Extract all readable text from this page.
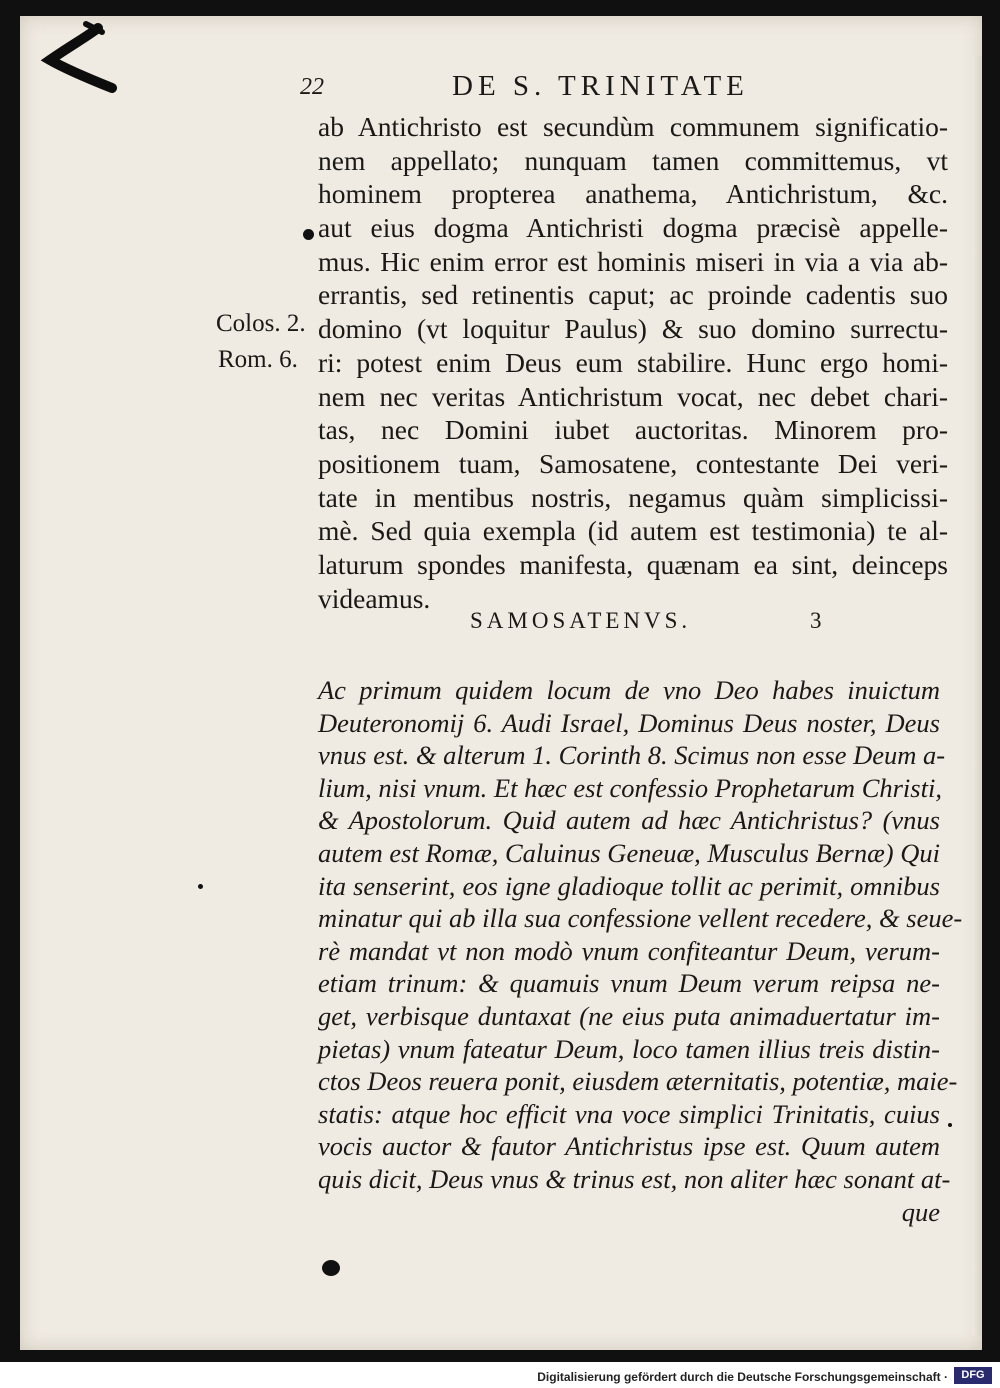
22	DE S. TRINITATE
ab Antichristo est secundùm communem significatio-
nem appellato; nunquam tamen committemus, vt
hominem propterea anathema, Antichristum, &c.
aut eius dogma Antichristi dogma præcisè appelle-
mus. Hic enim error est hominis miseri in via a via ab-
errantis, sed retinentis caput; ac proinde cadentis suo
domino (vt loquitur Paulus) & suo domino surrectu-
ri: potest enim Deus eum stabilire. Hunc ergo homi-
nem nec veritas Antichristum vocat, nec debet chari-
tas, nec Domini iubet auctoritas. Minorem pro-
positionem tuam, Samosatene, contestante Dei veri-
tate in mentibus nostris, negamus quàm simplicissi-
mè. Sed quia exempla (id autem est testimonia) te al-
laturum spondes manifesta, quænam ea sint, deinceps
videamus.
Colos. 2.
Rom. 6.
SAMOSATENVS.	3
Ac primum quidem locum de vno Deo habes inuictum
Deuteronomij 6. Audi Israel, Dominus Deus noster, Deus
vnus est. & alterum 1. Corinth 8. Scimus non esse Deum a-
lium, nisi vnum. Et hæc est confessio Prophetarum Christi,
& Apostolorum. Quid autem ad hæc Antichristus? (vnus
autem est Romæ, Caluinus Geneuæ, Musculus Bernæ) Qui
ita senserint, eos igne gladioque tollit ac perimit, omnibus
minatur qui ab illa sua confessione vellent recedere, & seue-
rè mandat vt non modò vnum confiteantur Deum, verum-
etiam trinum: & quamuis vnum Deum verum reipsa ne-
get, verbisque duntaxat (ne eius puta animaduertatur im-
pietas) vnum fateatur Deum, loco tamen illius treis distin-
ctos Deos reuera ponit, eiusdem æternitatis, potentiæ, maie-
statis: atque hoc efficit vna voce simplici Trinitatis, cuius
vocis auctor & fautor Antichristus ipse est. Quum autem
quis dicit, Deus vnus & trinus est, non aliter hæc sonant at-
que
Digitalisierung gefördert durch die Deutsche Forschungsgemeinschaft ·	DFG
